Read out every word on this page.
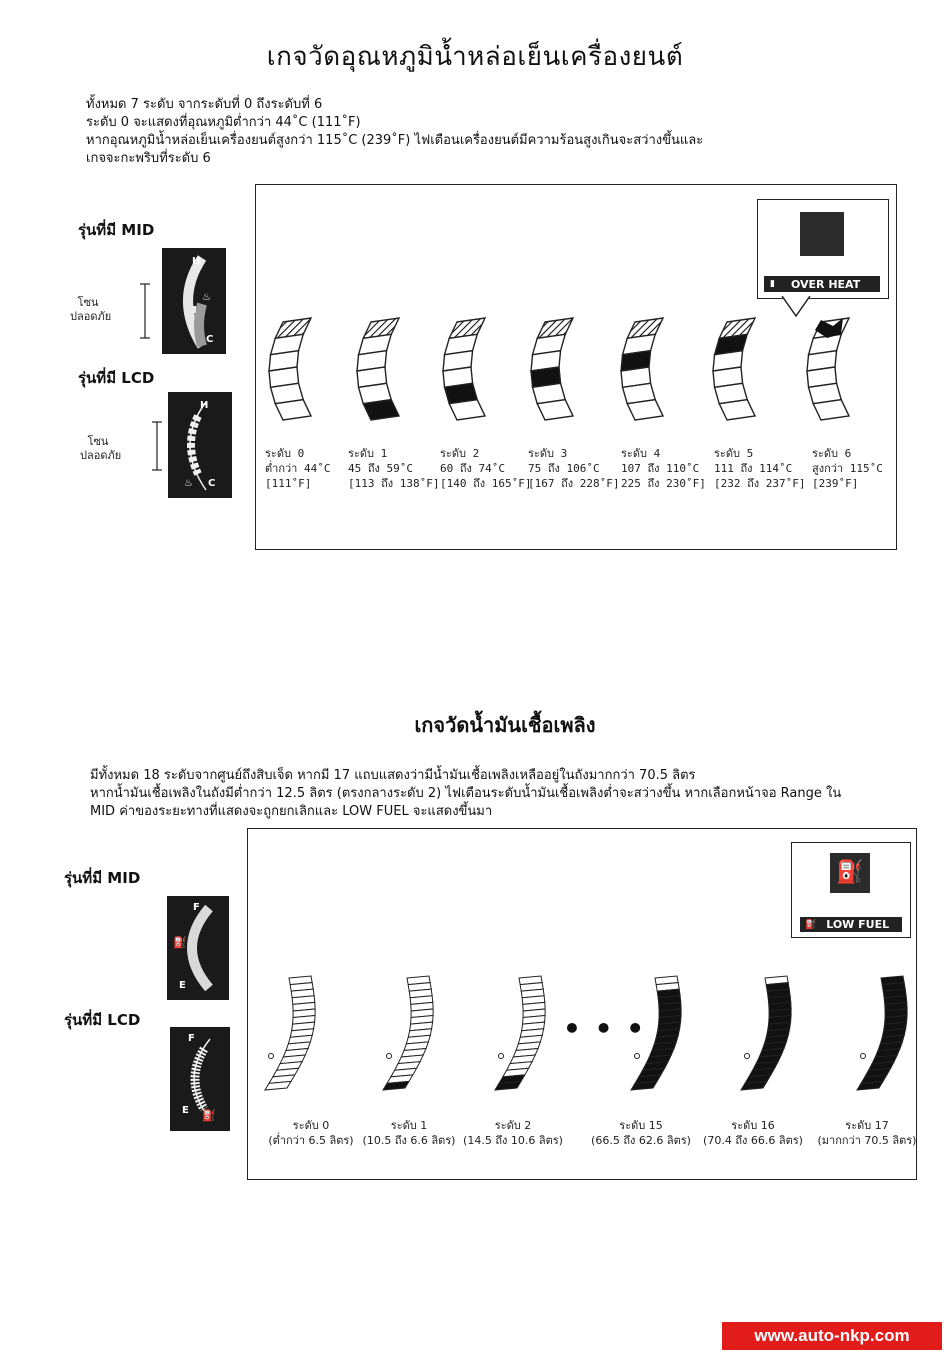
เกจวัดอุณหภูมิน้ำหล่อเย็นเครื่องยนต์
ทั้งหมด 7 ระดับ จากระดับที่ 0 ถึงระดับที่ 6
ระดับ 0 จะแสดงที่อุณหภูมิต่ำกว่า 44˚C (111˚F)
หากอุณหภูมิน้ำหล่อเย็นเครื่องยนต์สูงกว่า 115˚C (239˚F) ไฟเตือนเครื่องยนต์มีความร้อนสูงเกินจะสว่างขึ้นและ
เกจจะกะพริบที่ระดับ 6
รุ่นที่มี MID
รุ่นที่มี LCD
โซนปลอดภัย
โซนปลอดภัย
H
C
♨
H
C
♨
▮ OVER HEAT
ระดับ 0
ต่ำกว่า 44˚C
[111˚F]
ระดับ 1
45 ถึง 59˚C
[113 ถึง 138˚F]
ระดับ 2
60 ถึง 74˚C
[140 ถึง 165˚F]
ระดับ 3
75 ถึง 106˚C
[167 ถึง 228˚F]
ระดับ 4
107 ถึง 110˚C
225 ถึง 230˚F]
ระดับ 5
111 ถึง 114˚C
[232 ถึง 237˚F]
ระดับ 6
สูงกว่า 115˚C
[239˚F]
เกจวัดน้ำมันเชื้อเพลิง
มีทั้งหมด 18 ระดับจากศูนย์ถึงสิบเจ็ด หากมี 17 แถบแสดงว่ามีน้ำมันเชื้อเพลิงเหลืออยู่ในถังมากกว่า 70.5 ลิตร
หากน้ำมันเชื้อเพลิงในถังมีต่ำกว่า 12.5 ลิตร (ตรงกลางระดับ 2) ไฟเตือนระดับน้ำมันเชื้อเพลิงต่ำจะสว่างขึ้น หากเลือกหน้าจอ Range ใน
MID ค่าของระยะทางที่แสดงจะถูกยกเลิกและ LOW FUEL จะแสดงขึ้นมา
รุ่นที่มี MID
รุ่นที่มี LCD
F
E
⛽
F
E ⛽
⛽
⛽ LOW FUEL
• • •
ระดับ 0
(ต่ำกว่า 6.5 ลิตร)
ระดับ 1
(10.5 ถึง 6.6 ลิตร)
ระดับ 2
(14.5 ถึง 10.6 ลิตร)
ระดับ 15
(66.5 ถึง 62.6 ลิตร)
ระดับ 16
(70.4 ถึง 66.6 ลิตร)
ระดับ 17
(มากกว่า 70.5 ลิตร)
www.auto-nkp.com
